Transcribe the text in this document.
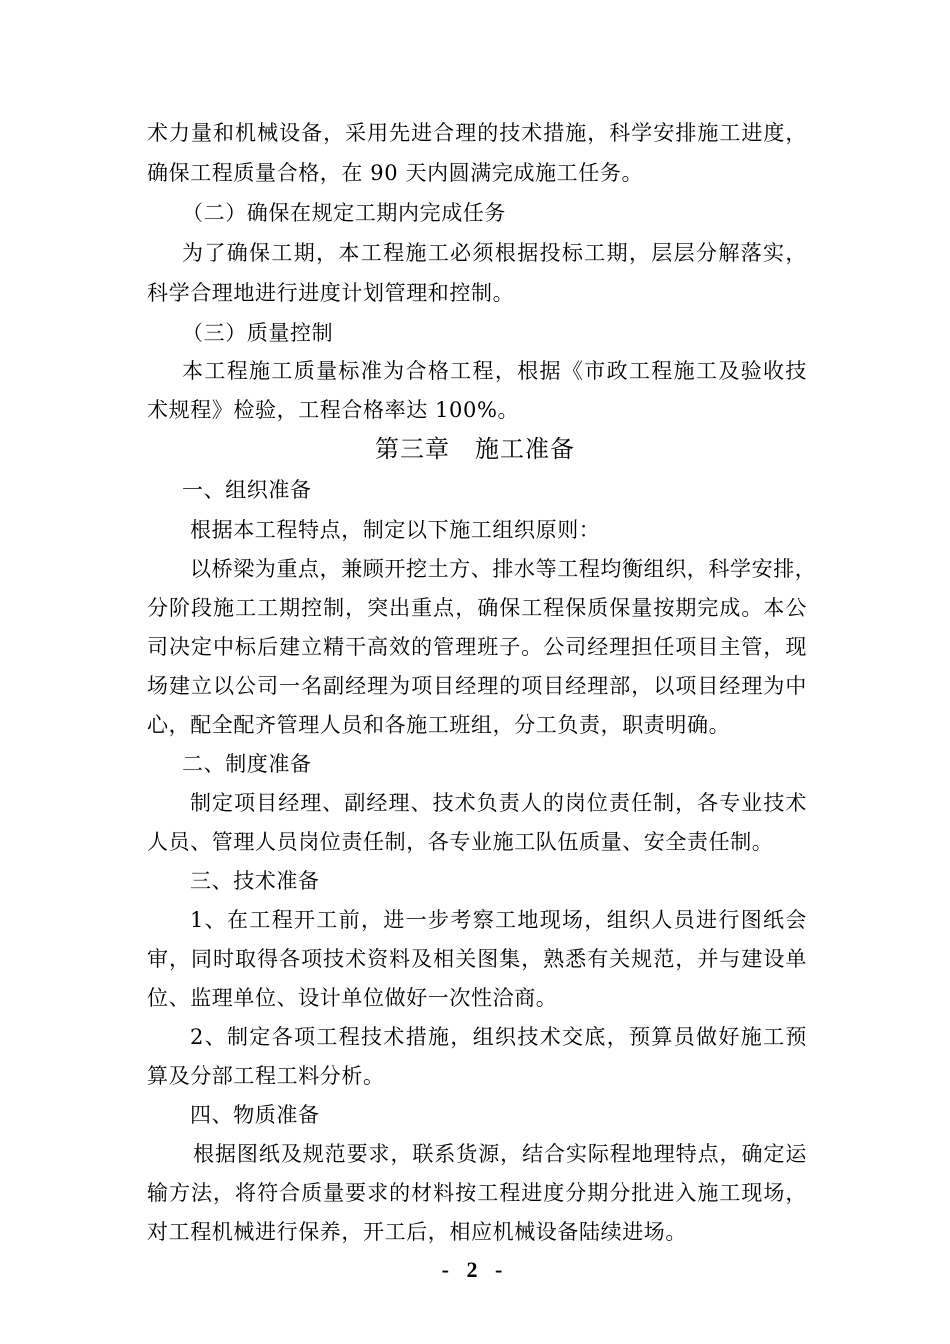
术力量和机械设备，采用先进合理的技术措施，科学安排施工进度，
确保工程质量合格，在 90 天内圆满完成施工任务。
（二）确保在规定工期内完成任务
为了确保工期，本工程施工必须根据投标工期，层层分解落实，
科学合理地进行进度计划管理和控制。
（三）质量控制
本工程施工质量标准为合格工程，根据《市政工程施工及验收技
术规程》检验，工程合格率达 100%。
第三章　施工准备
一、组织准备
根据本工程特点，制定以下施工组织原则：
以桥梁为重点，兼顾开挖土方、排水等工程均衡组织，科学安排，
分阶段施工工期控制，突出重点，确保工程保质保量按期完成。本公
司决定中标后建立精干高效的管理班子。公司经理担任项目主管，现
场建立以公司一名副经理为项目经理的项目经理部，以项目经理为中
心，配全配齐管理人员和各施工班组，分工负责，职责明确。
二、制度准备
制定项目经理、副经理、技术负责人的岗位责任制，各专业技术
人员、管理人员岗位责任制，各专业施工队伍质量、安全责任制。
三、技术准备
1、在工程开工前，进一步考察工地现场，组织人员进行图纸会
审，同时取得各项技术资料及相关图集，熟悉有关规范，并与建设单
位、监理单位、设计单位做好一次性洽商。
2、制定各项工程技术措施，组织技术交底，预算员做好施工预
算及分部工程工料分析。
四、物质准备
根据图纸及规范要求，联系货源，结合实际程地理特点，确定运
输方法，将符合质量要求的材料按工程进度分期分批进入施工现场，
对工程机械进行保养，开工后，相应机械设备陆续进场。
- 2 -
